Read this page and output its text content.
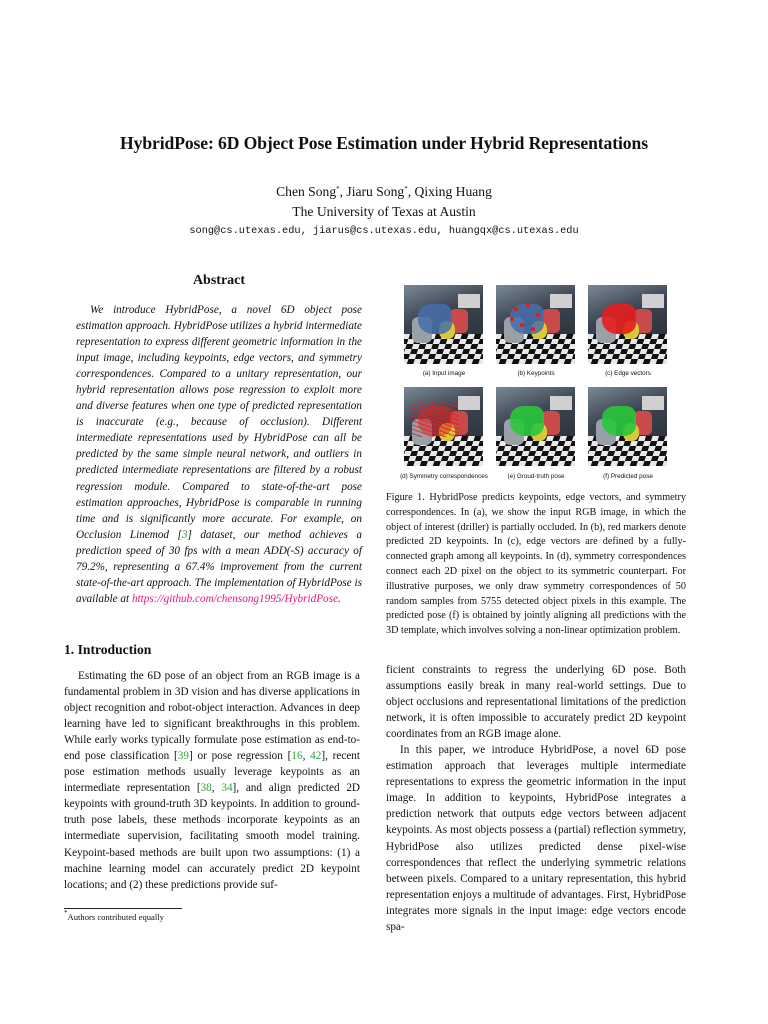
HybridPose: 6D Object Pose Estimation under Hybrid Representations
Chen Song*, Jiaru Song*, Qixing Huang
The University of Texas at Austin
song@cs.utexas.edu, jiarus@cs.utexas.edu, huangqx@cs.utexas.edu
Abstract
We introduce HybridPose, a novel 6D object pose estimation approach. HybridPose utilizes a hybrid intermediate representation to express different geometric information in the input image, including keypoints, edge vectors, and symmetry correspondences. Compared to a unitary representation, our hybrid representation allows pose regression to exploit more and diverse features when one type of predicted representation is inaccurate (e.g., because of occlusion). Different intermediate representations used by HybridPose can all be predicted by the same simple neural network, and outliers in predicted intermediate representations are filtered by a robust regression module. Compared to state-of-the-art pose estimation approaches, HybridPose is comparable in running time and is significantly more accurate. For example, on Occlusion Linemod [3] dataset, our method achieves a prediction speed of 30 fps with a mean ADD(-S) accuracy of 79.2%, representing a 67.4% improvement from the current state-of-the-art approach. The implementation of HybridPose is available at https://github.com/chensong1995/HybridPose.
1. Introduction
Estimating the 6D pose of an object from an RGB image is a fundamental problem in 3D vision and has diverse applications in object recognition and robot-object interaction. Advances in deep learning have led to significant breakthroughs in this problem. While early works typically formulate pose estimation as end-to-end pose classification [39] or pose regression [16, 42], recent pose estimation methods usually leverage keypoints as an intermediate representation [38, 34], and align predicted 2D keypoints with ground-truth 3D keypoints. In addition to ground-truth pose labels, these methods incorporate keypoints as an intermediate supervision, facilitating smooth model training. Keypoint-based methods are built upon two assumptions: (1) a machine learning model can accurately predict 2D keypoint locations; and (2) these predictions provide suf-
*Authors contributed equally
(a) Input image	(b) Keypoints	(c) Edge vectors
(d) Symmetry correspondences	(e) Groud-truth pose	(f) Predicted pose
Figure 1. HybridPose predicts keypoints, edge vectors, and symmetry correspondences. In (a), we show the input RGB image, in which the object of interest (driller) is partially occluded. In (b), red markers denote predicted 2D keypoints. In (c), edge vectors are defined by a fully-connected graph among all keypoints. In (d), symmetry correspondences connect each 2D pixel on the object to its symmetric counterpart. For illustrative purposes, we only draw symmetry correspondences of 50 random samples from 5755 detected object pixels in this example. The predicted pose (f) is obtained by jointly aligning all predictions with the 3D template, which involves solving a non-linear optimization problem.

ficient constraints to regress the underlying 6D pose. Both assumptions easily break in many real-world settings. Due to object occlusions and representational limitations of the prediction network, it is often impossible to accurately predict 2D keypoint coordinates from an RGB image alone.

In this paper, we introduce HybridPose, a novel 6D pose estimation approach that leverages multiple intermediate representations to express the geometric information in the input image. In addition to keypoints, HybridPose integrates a prediction network that outputs edge vectors between adjacent keypoints. As most objects possess a (partial) reflection symmetry, HybridPose also utilizes predicted dense pixel-wise correspondences that reflect the underlying symmetric relations between pixels. Compared to a unitary representation, this hybrid representation enjoys a multitude of advantages. First, HybridPose integrates more signals in the input image: edge vectors encode spa-
